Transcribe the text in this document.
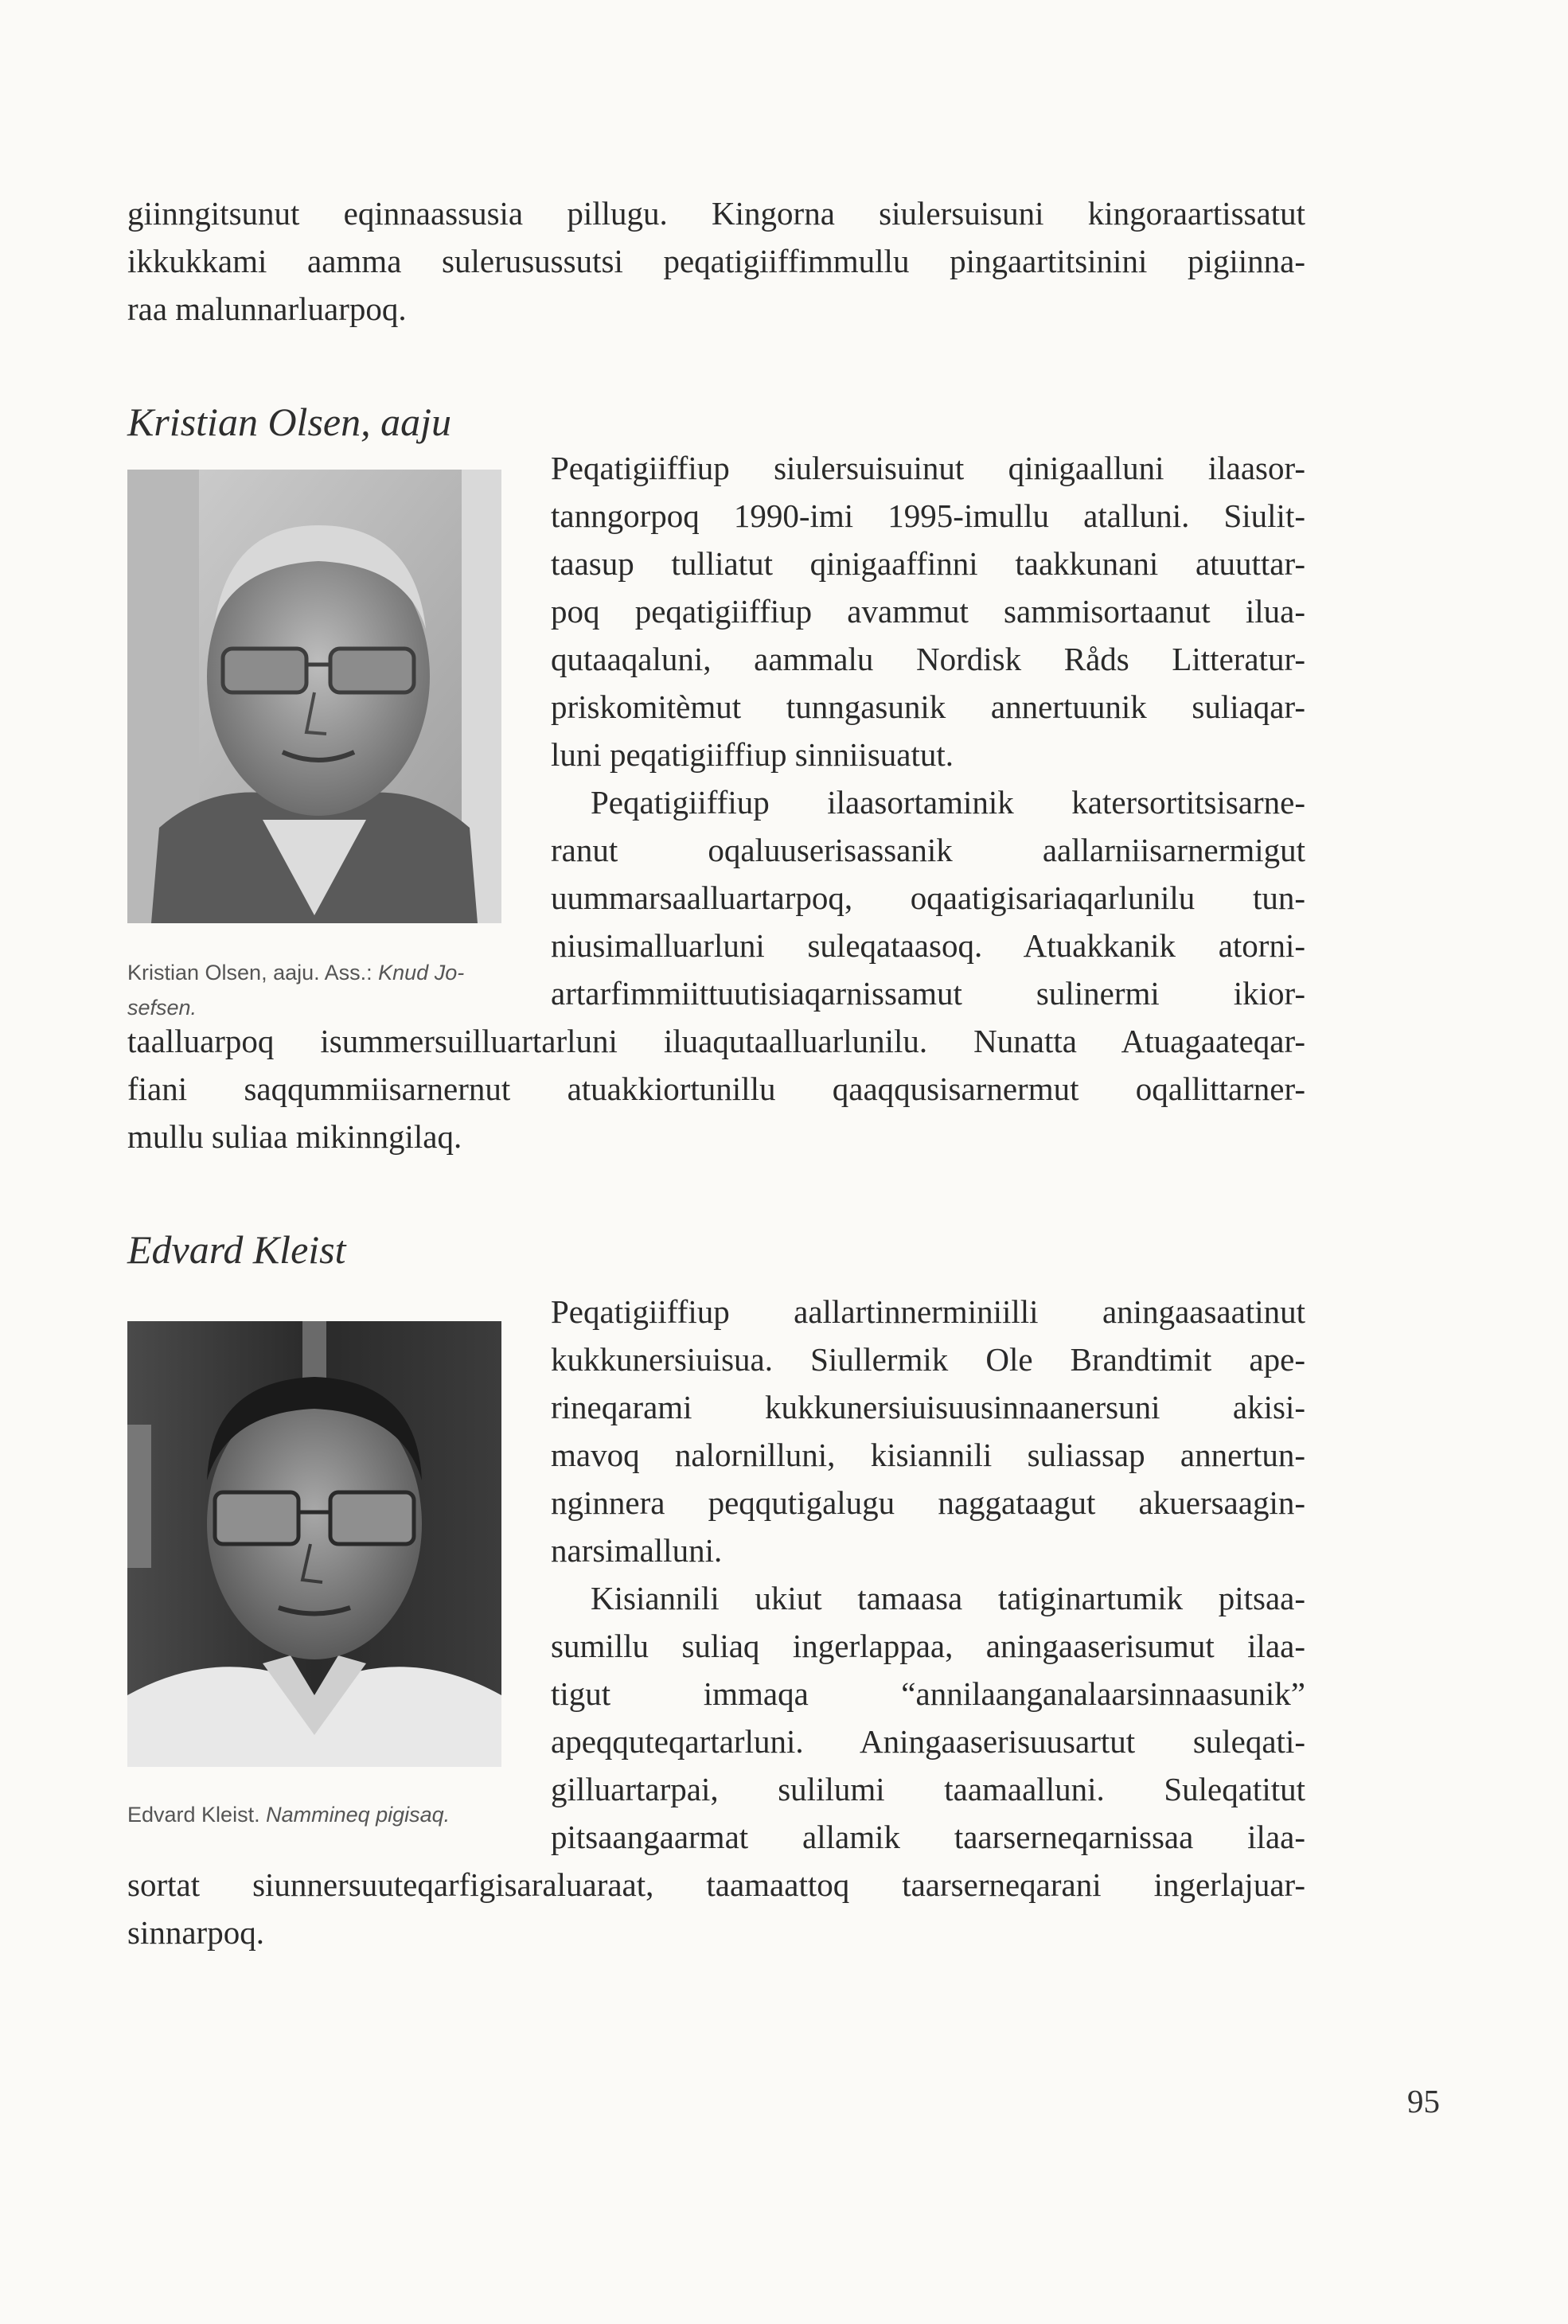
giinngitsunut eqinnaassusia pillugu. Kingorna siulersuisuni kingoraartissatut
ikkukkami aamma sulerusussutsi peqatigiiffimmullu pingaartitsinini pigiinna-
raa malunnarluarpoq.
Kristian Olsen, aaju
Kristian Olsen, aaju. Ass.: Knud Jo-
sefsen.
Peqatigiiffiup siulersuisuinut qinigaalluni ilaasor-
tanngorpoq 1990-imi 1995-imullu atalluni. Siulit-
taasup tulliatut qinigaaffinni taakkunani atuuttar-
poq peqatigiiffiup avammut sammisortaanut ilua-
qutaaqaluni, aammalu Nordisk Råds Litteratur-
priskomitèmut tunngasunik annertuunik suliaqar-
luni peqatigiiffiup sinniisuatut.
Peqatigiiffiup ilaasortaminik katersortitsisarne-
ranut oqaluuserisassanik aallarniisarnermigut
uummarsaalluartarpoq, oqaatigisariaqarlunilu tun-
niusimalluarluni suleqataasoq. Atuakkanik atorni-
artarfimmiittuutisiaqarnissamut sulinermi ikior-
taalluarpoq isummersuilluartarluni iluaqutaalluarlunilu. Nunatta Atuagaateqar-
fiani saqqummiisarnernut atuakkiortunillu qaaqqusisarnermut oqallittarner-
mullu suliaa mikinngilaq.
Edvard Kleist
Edvard Kleist. Namminеq pigisaq.
Peqatigiiffiup aallartinnerminiilli aningaasaatinut
kukkunersiuisua. Siullermik Ole Brandtimit ape-
rineqarami kukkunersiuisuusinnaanersuni akisi-
mavoq nalornilluni, kisiannili suliassap annertun-
nginnera peqqutigalugu naggataagut akuersaagin-
narsimalluni.
Kisiannili ukiut tamaasa tatiginartumik pitsaa-
sumillu suliaq ingerlappaa, aningaaserisumut ilaa-
tigut immaqa “annilaanganalaarsinnaasunik”
apeqquteqartarluni. Aningaaserisuusartut suleqati-
gilluartarpai, sulilumi taamaalluni. Suleqatitut
pitsaangaarmat allamik taarserneqarnissaa ilaa-
sortat siunnersuuteqarfigisaraluaraat, taamaattoq taarserneqarani ingerlajuar-
sinnarpoq.
95
